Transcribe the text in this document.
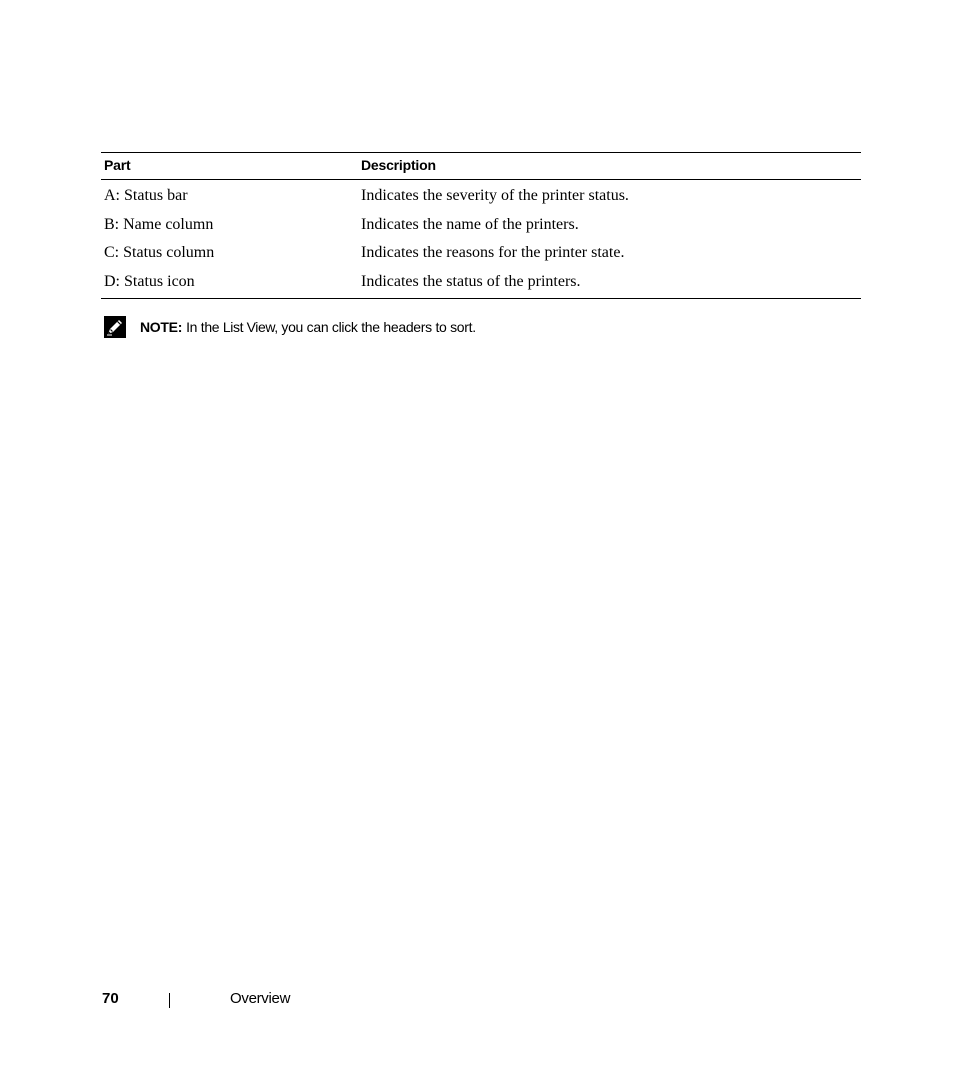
Part	Description
A: Status bar	Indicates the severity of the printer status.
B: Name column	Indicates the name of the printers.
C: Status column	Indicates the reasons for the printer state.
D: Status icon	Indicates the status of the printers.
NOTE: In the
List View,
you can click the headers to sort.
70	Overview
